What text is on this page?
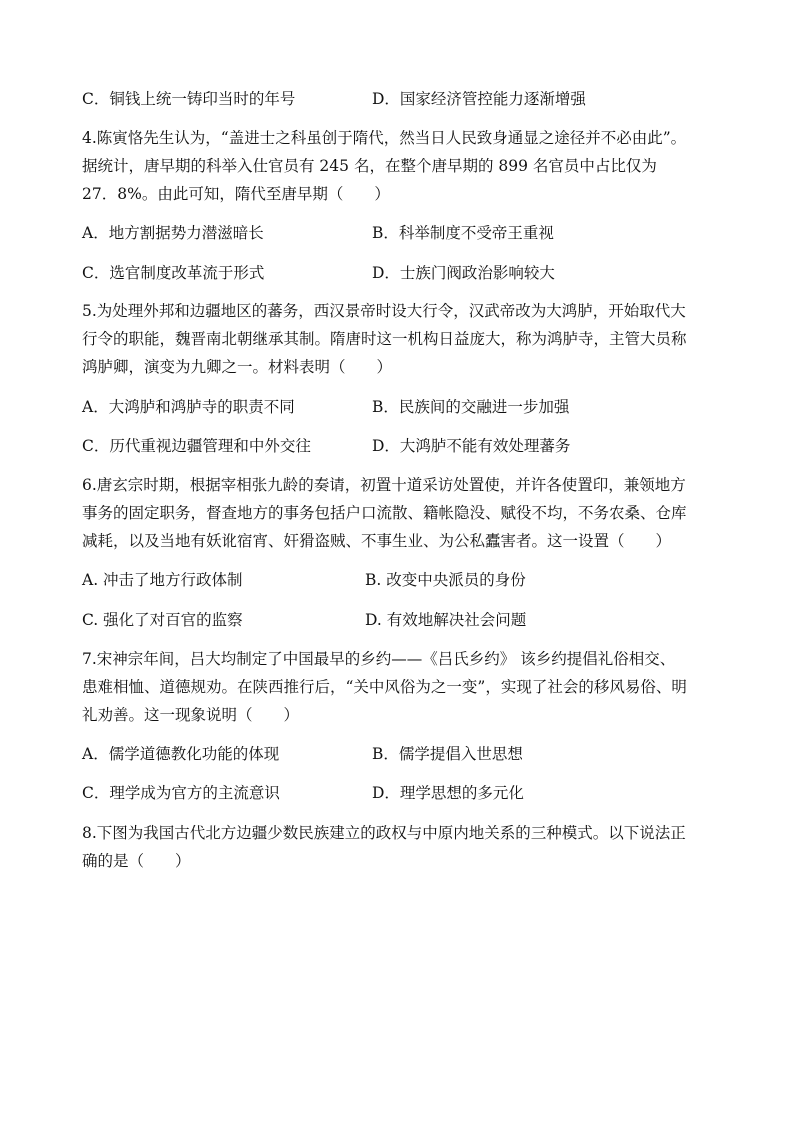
C．铜钱上统一铸印当时的年号	D．国家经济管控能力逐渐增强
4.陈寅恪先生认为，“盖进士之科虽创于隋代，然当日人民致身通显之途径并不必由此”。
据统计，唐早期的科举入仕官员有 245 名，在整个唐早期的 899 名官员中占比仅为
27．8%。由此可知，隋代至唐早期（　　）
A．地方割据势力潜滋暗长	B．科举制度不受帝王重视
C．选官制度改革流于形式	D．士族门阀政治影响较大
5.为处理外邦和边疆地区的蕃务，西汉景帝时设大行令，汉武帝改为大鸿胪，开始取代大
行令的职能，魏晋南北朝继承其制。隋唐时这一机构日益庞大，称为鸿胪寺，主管大员称
鸿胪卿，演变为九卿之一。材料表明（　　）
A．大鸿胪和鸿胪寺的职责不同	B．民族间的交融进一步加强
C．历代重视边疆管理和中外交往	D．大鸿胪不能有效处理蕃务
6.唐玄宗时期，根据宰相张九龄的奏请，初置十道采访处置使，并许各使置印，兼领地方
事务的固定职务，督查地方的事务包括户口流散、籍帐隐没、赋役不均，不务农桑、仓库
减耗，以及当地有妖讹宿宵、奸猾盗贼、不事生业、为公私蠹害者。这一设置（　　）
A. 冲击了地方行政体制	B. 改变中央派员的身份
C. 强化了对百官的监察	D. 有效地解决社会问题
7.宋神宗年间，吕大均制定了中国最早的乡约——《吕氏乡约》 该乡约提倡礼俗相交、
患难相恤、道德规劝。在陕西推行后，“关中风俗为之一变”，实现了社会的移风易俗、明
礼劝善。这一现象说明（　　）
A．儒学道德教化功能的体现	B．儒学提倡入世思想
C．理学成为官方的主流意识	D．理学思想的多元化
8.下图为我国古代北方边疆少数民族建立的政权与中原内地关系的三种模式。以下说法正
确的是（　　）
